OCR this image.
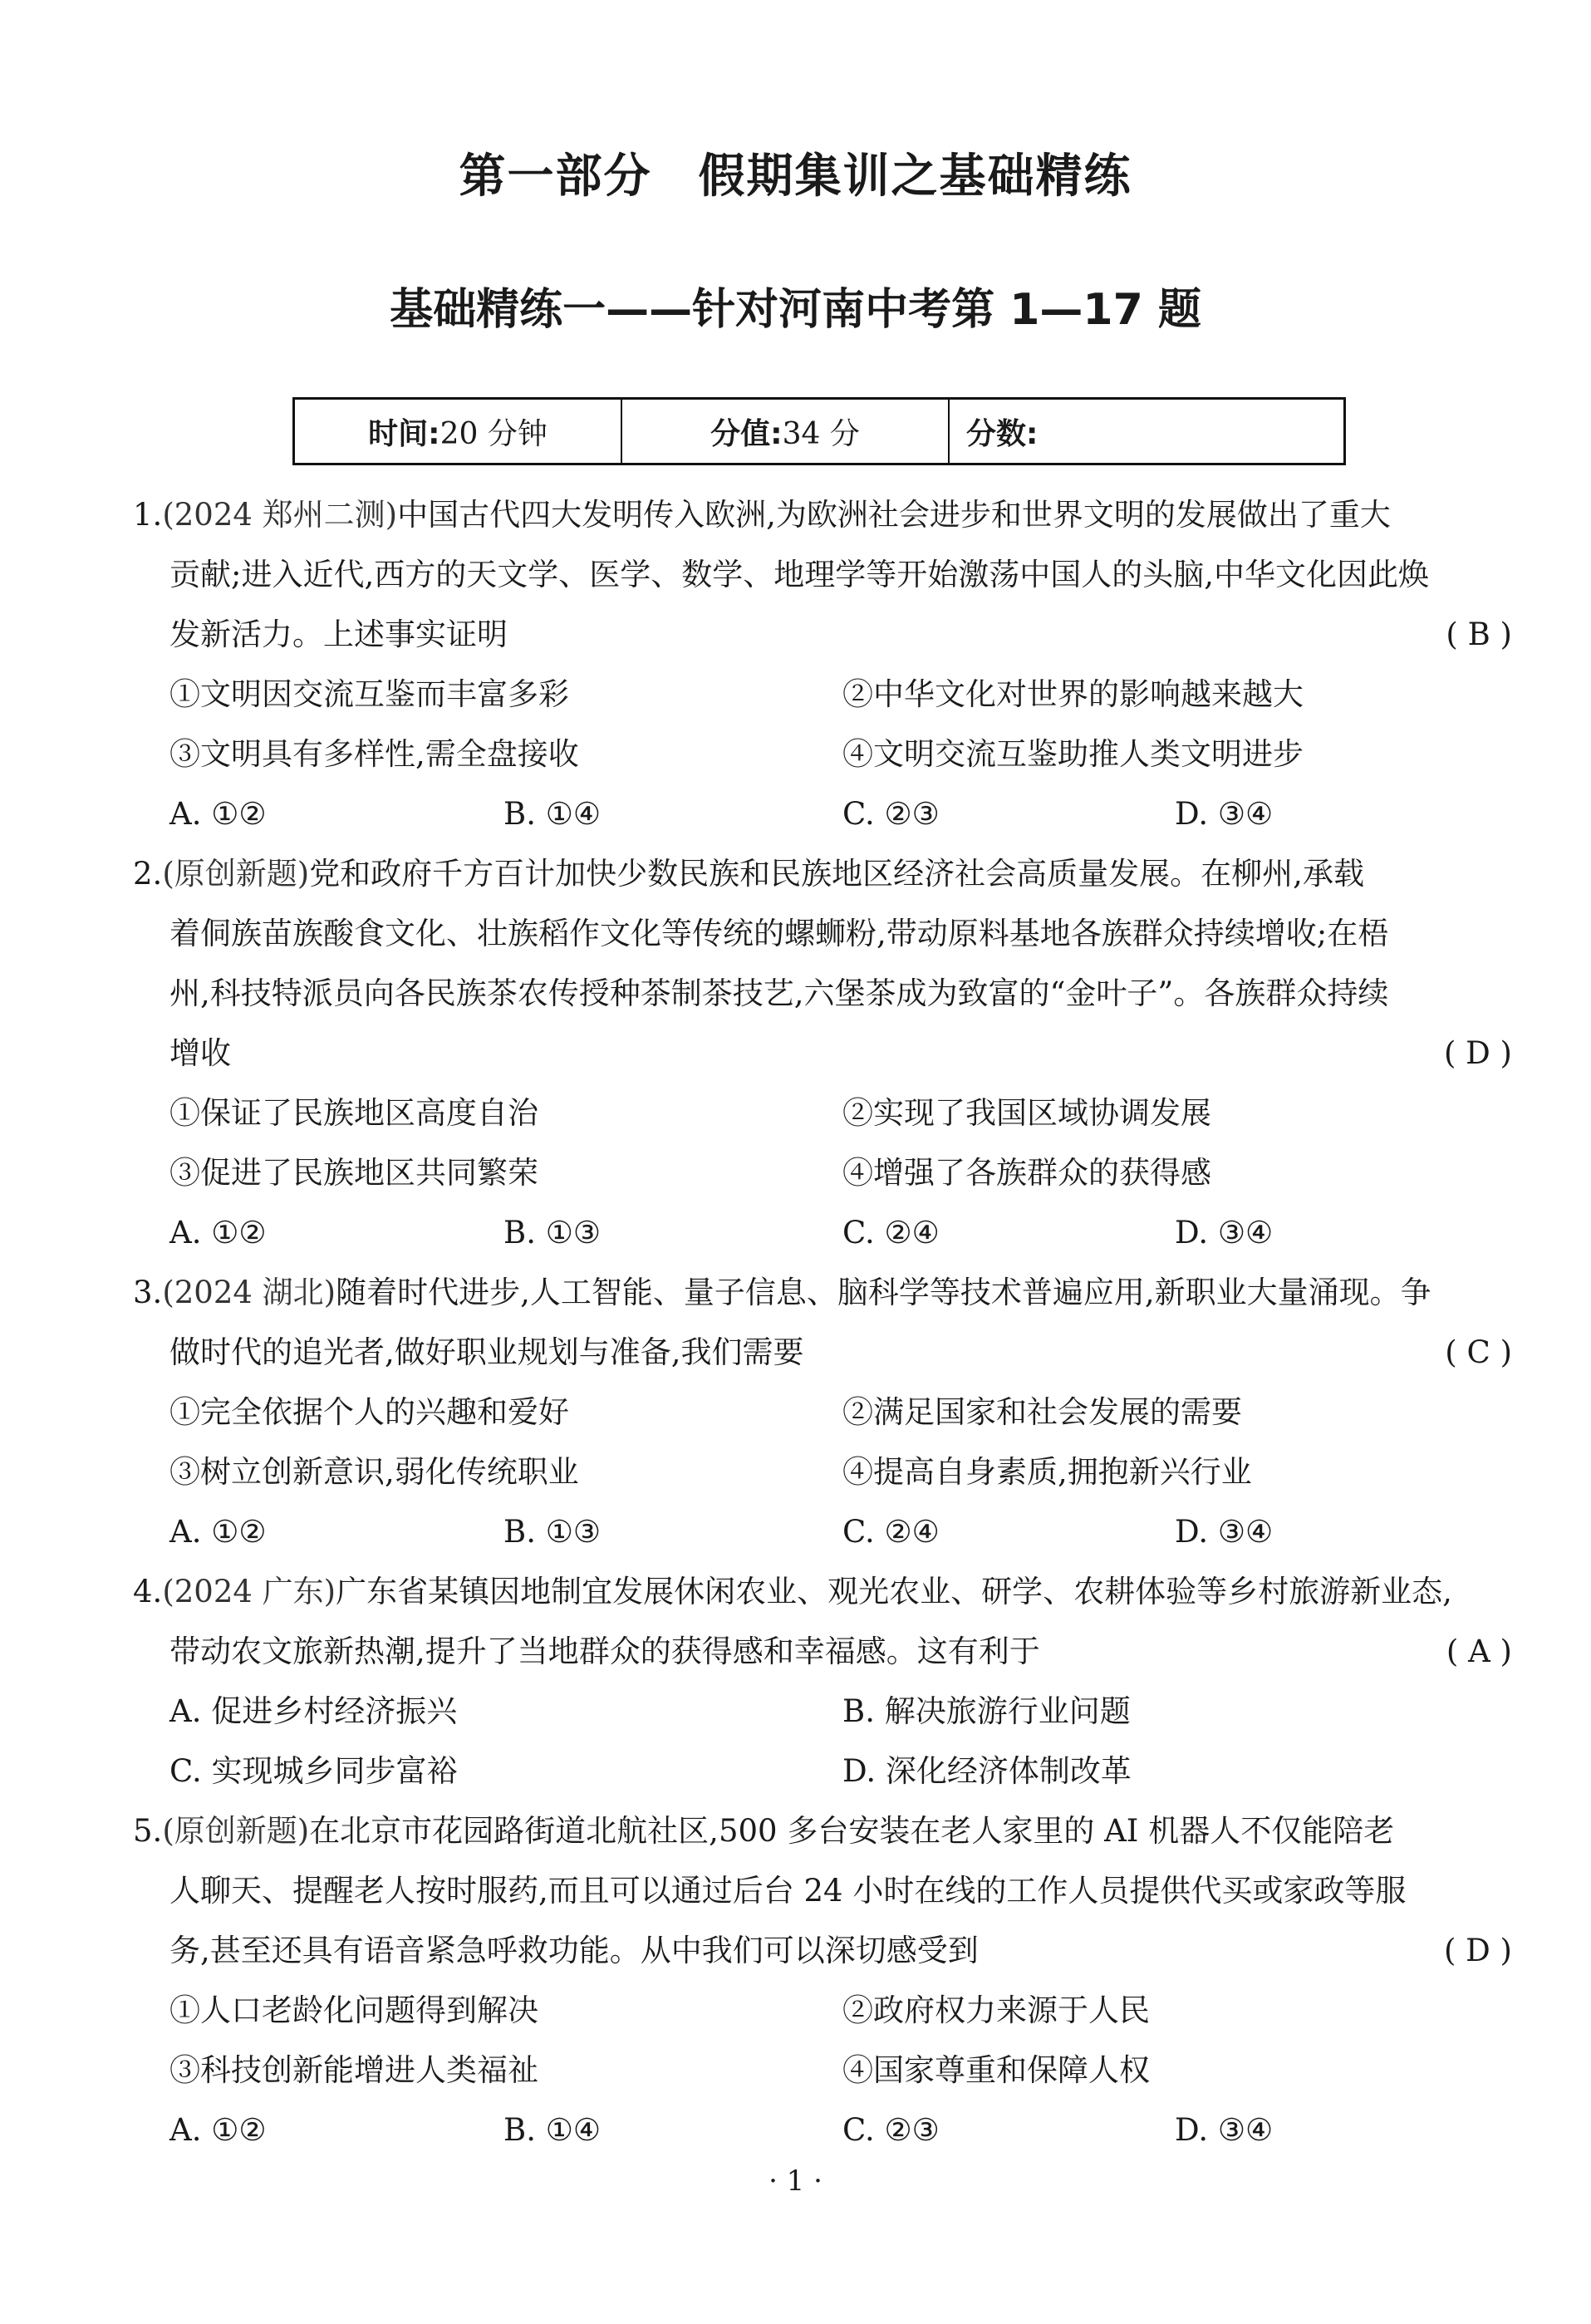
第一部分 假期集训之基础精练
基础精练一——针对河南中考第 1—17 题
时间: 20 分钟	分值: 34 分	分数:
1.(2024 郑州二测)中国古代四大发明传入欧洲,为欧洲社会进步和世界文明的发展做出了重大
贡献;进入近代,西方的天文学、医学、数学、地理学等开始激荡中国人的头脑,中华文化因此焕
发新活力。上述事实证明	( B )
①文明因交流互鉴而丰富多彩	②中华文化对世界的影响越来越大
③文明具有多样性,需全盘接收	④文明交流互鉴助推人类文明进步
A. ①②	B. ①④	C. ②③	D. ③④
2.(原创新题)党和政府千方百计加快少数民族和民族地区经济社会高质量发展。在柳州,承载
着侗族苗族酸食文化、壮族稻作文化等传统的螺蛳粉,带动原料基地各族群众持续增收;在梧
州,科技特派员向各民族茶农传授种茶制茶技艺,六堡茶成为致富的“金叶子”。各族群众持续
增收	( D )
①保证了民族地区高度自治	②实现了我国区域协调发展
③促进了民族地区共同繁荣	④增强了各族群众的获得感
A. ①②	B. ①③	C. ②④	D. ③④
3.(2024 湖北)随着时代进步,人工智能、量子信息、脑科学等技术普遍应用,新职业大量涌现。争
做时代的追光者,做好职业规划与准备,我们需要	( C )
①完全依据个人的兴趣和爱好	②满足国家和社会发展的需要
③树立创新意识,弱化传统职业	④提高自身素质,拥抱新兴行业
A. ①②	B. ①③	C. ②④	D. ③④
4.(2024 广东)广东省某镇因地制宜发展休闲农业、观光农业、研学、农耕体验等乡村旅游新业态,
带动农文旅新热潮,提升了当地群众的获得感和幸福感。这有利于	( A )
A. 促进乡村经济振兴	B. 解决旅游行业问题
C. 实现城乡同步富裕	D. 深化经济体制改革
5.(原创新题)在北京市花园路街道北航社区,500 多台安装在老人家里的 AI 机器人不仅能陪老
人聊天、提醒老人按时服药,而且可以通过后台 24 小时在线的工作人员提供代买或家政等服
务,甚至还具有语音紧急呼救功能。从中我们可以深切感受到	( D )
①人口老龄化问题得到解决	②政府权力来源于人民
③科技创新能增进人类福祉	④国家尊重和保障人权
A. ①②	B. ①④	C. ②③	D. ③④
· 1 ·
